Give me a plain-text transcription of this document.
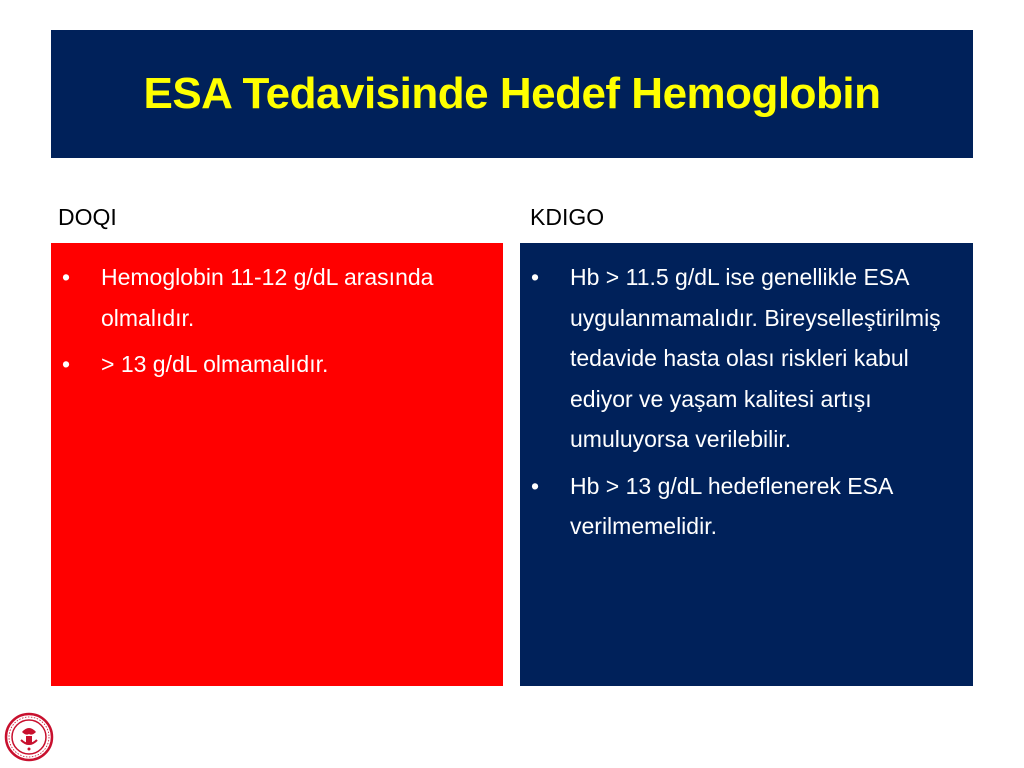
ESA Tedavisinde Hedef Hemoglobin
DOQI	KDIGO
• Hemoglobin 11-12 g/dL arasında olmalıdır.
• > 13 g/dL olmamalıdır.
• Hb > 11.5 g/dL ise genellikle ESA uygulanmamalıdır. Bireyselleştirilmiş tedavide hasta olası riskleri kabul ediyor ve yaşam kalitesi artışı umuluyorsa verilebilir.
• Hb > 13 g/dL hedeflenerek ESA verilmemelidir.
